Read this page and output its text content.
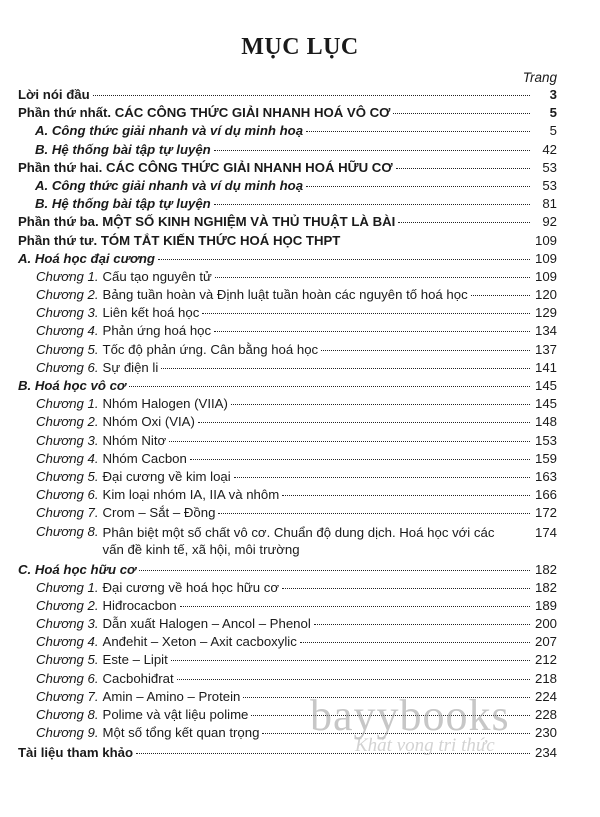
MỤC LỤC
Trang
Lời nói đầu	3
Phần thứ nhất. CÁC CÔNG THỨC GIẢI NHANH HOÁ VÔ CƠ	5
A. Công thức giải nhanh và ví dụ minh hoạ	5
B. Hệ thống bài tập tự luyện	42
Phần thứ hai. CÁC CÔNG THỨC GIẢI NHANH HOÁ HỮU CƠ	53
A. Công thức giải nhanh và ví dụ minh hoạ	53
B. Hệ thống bài tập tự luyện	81
Phần thứ ba. MỘT SỐ KINH NGHIỆM VÀ THỦ THUẬT LÀ BÀI	92
Phần thứ tư. TÓM TẮT KIẾN THỨC HOÁ HỌC THPT	109
A. Hoá học đại cương	109
Chương 1. Cấu tạo nguyên tử	109
Chương 2. Bảng tuần hoàn và Định luật tuần hoàn các nguyên tố hoá học	120
Chương 3. Liên kết hoá học	129
Chương 4. Phản ứng hoá học	134
Chương 5. Tốc độ phản ứng. Cân bằng hoá học	137
Chương 6. Sự điện li	141
B. Hoá học vô cơ	145
Chương 1. Nhóm Halogen (VIIA)	145
Chương 2. Nhóm Oxi (VIA)	148
Chương 3. Nhóm Nitơ	153
Chương 4. Nhóm Cacbon	159
Chương 5. Đại cương về kim loại	163
Chương 6. Kim loại nhóm IA, IIA và nhôm	166
Chương 7. Crom – Sắt – Đồng	172
Chương 8. Phân biệt một số chất vô cơ. Chuẩn độ dung dịch. Hoá học với các vấn đề kinh tế, xã hội, môi trường
174
C. Hoá học hữu cơ	182
Chương 1. Đại cương về hoá học hữu cơ	182
Chương 2. Hiđrocacbon	189
Chương 3. Dẫn xuất Halogen – Ancol – Phenol	200
Chương 4. Anđehit – Xeton – Axit cacboxylic	207
Chương 5. Este – Lipit	212
Chương 6. Cacbohiđrat	218
Chương 7. Amin – Amino – Protein	224
Chương 8. Polime và vật liệu polime	228
Chương 9. Một số tổng kết quan trọng	230
Tài liệu tham khảo	234
bayybooks
Khát vọng tri thức
